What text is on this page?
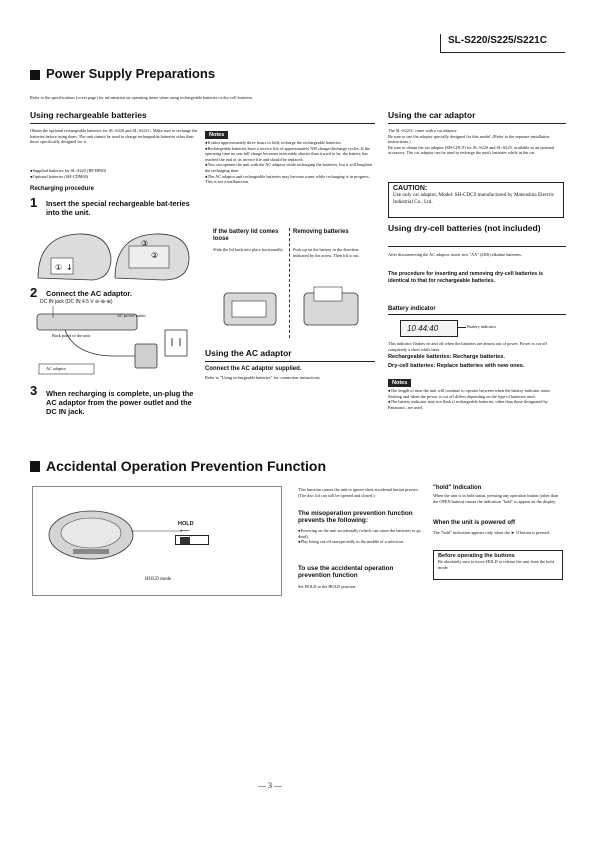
SL-S220/S225/S221C
Power Supply Preparations
Refer to the specifications (cover page) for information on operating times when using rechargeable batteries or dry-cell batteries.
Using rechargeable batteries
Obtain the optional rechargeable batteries for SL-S220 and SL-S221C. Make sure to recharge the batteries before using them. The unit cannot be used to charge rechargeable batteries other than those specifically designed for it.
●Supplied batteries for SL-S225 (RP-BP60)
●Optional batteries (SH-CDM60)
Recharging procedure
1 Insert the special rechargeable bat-teries into the unit.
① ↓
②
③
2 Connect the AC adaptor.
DC IN jack (DC IN 4.5 V ⊖-⊕-⊕)
AC power outlet
Back panel of the unit
AC adaptor
3 When recharging is complete, un-plug the AC adaptor from the power outlet and the DC IN jack.
Notes
●It takes approximately three hours to fully recharge the rechargeable batteries.
●Rechargeable batteries have a service life of approximately 300 charge/discharge cycles. If the operating time on one full charge becomes noticeably shorter than it used to be, the battery has reached the end of its service life and should be replaced.
●You can operate the unit with the AC adaptor while recharging the batteries, but it will lengthen the recharging time.
●The AC adaptor and rechargeable batteries may become warm while recharging is in progress. This is not a malfunction.
If the battery lid comes loose
Slide the lid back into place horizontally.
Removing batteries
Push up on the battery in the direction indicated by the arrow. Then lift it out.
Using the AC adaptor
Connect the AC adaptor supplied.
Refer to "Using rechargeable batteries" for connection instructions.
Using the car adaptor
The SL-S221C come with a car adaptor.
Be sure to use the adaptor specially designed for this model. (Refer to the separate installation instructions.)
Be sure to obtain the car adaptor (SH-CDC9) for SL-S220 and SL-S225, available as an optional accessory. The car adaptor can be used to recharge the unit's batteries while in the car.
CAUTION:
Use only car adaptor, Model: SH-CDC9 manufactured by Matsushita Electric Industrial Co., Ltd.
Using dry-cell batteries (not included)
After disconnecting the AC adaptor, insert two "AA" (LR6) alkaline batteries.
The procedure for inserting and removing dry-cell batteries is identical to that for rechargeable batteries.
Battery indicator
10 44:40	Battery indicator
This indicator flashes on and off when the batteries are almost out of power. Power is cut off completely a short while later.
Rechargeable batteries: Recharge batteries.
Dry-cell batteries: Replace batteries with new ones.
Notes
●The length of time the unit will continue to operate between when the battery indicator starts flashing and when the power is cut off differs depending on the type of batteries used.
●The battery indicator may not flash if rechargeable batteries, other than those designated by Panasonic, are used.
Accidental Operation Prevention Function
HOLD
⟵
HOLD mode
This function causes the unit to ignore short accidental button presses. (The disc lid can still be opened and closed.)
The misoperation prevention function prevents the following:
●Powering on the unit accidentally (which can cause the batteries to go dead).
●Play being cut off unexpectedly in the middle of a selection.
To use the accidental operation prevention function
Set HOLD to the HOLD position.
"hold" Indication
When the unit is in hold status, pressing any operation button (other than the OPEN button) causes the indication "hold" to appear on the display.
When the unit is powered off
The "hold" indication appears only when the ► II button is pressed.
Before operating the buttons
Be absolutely sure to move HOLD to release the unit from the hold mode.
— 3 —
